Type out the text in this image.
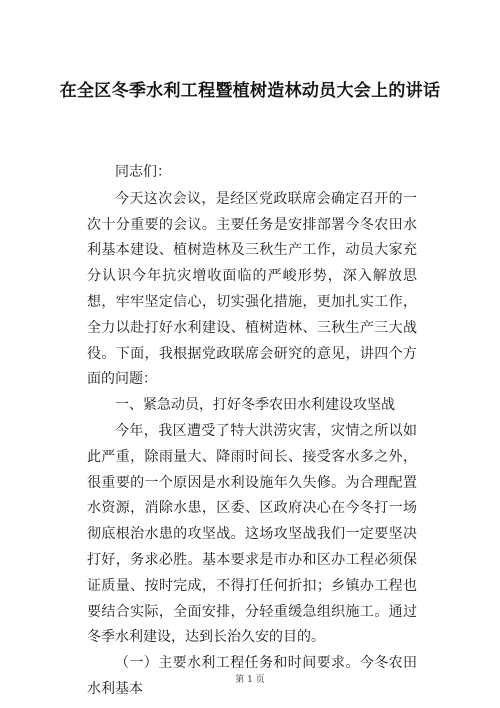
在全区冬季水利工程暨植树造林动员大会上的讲话

同志们：

今天这次会议，是经区党政联席会确定召开的一次十分重要的会议。主要任务是安排部署今冬农田水利基本建设、植树造林及三秋生产工作，动员大家充分认识今年抗灾增收面临的严峻形势，深入解放思想，牢牢坚定信心，切实强化措施，更加扎实工作，全力以赴打好水利建设、植树造林、三秋生产三大战役。下面，我根据党政联席会研究的意见，讲四个方面的问题：

一、紧急动员，打好冬季农田水利建设攻坚战

今年，我区遭受了特大洪涝灾害，灾情之所以如此严重，除雨量大、降雨时间长、接受客水多之外，很重要的一个原因是水利设施年久失修。为合理配置水资源，消除水患，区委、区政府决心在今冬打一场彻底根治水患的攻坚战。这场攻坚战我们一定要坚决打好，务求必胜。基本要求是市办和区办工程必须保证质量、按时完成，不得打任何折扣；乡镇办工程也要结合实际，全面安排，分轻重缓急组织施工。通过冬季水利建设，达到长治久安的目的。

（一）主要水利工程任务和时间要求。今冬农田水利基本

第 1 页
